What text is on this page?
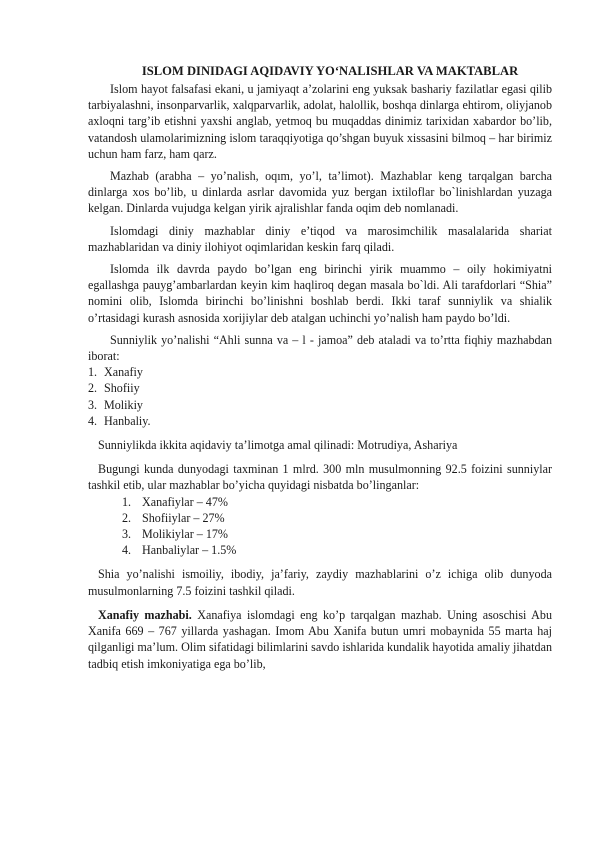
ISLOM DINIDAGI AQIDAVIY YO‘NALISHLAR VA MAKTABLAR

Islom hayot falsafasi ekani, u jamiyaqt a’zolarini eng yuksak bashariy fazilatlar egasi qilib tarbiyalashni, insonparvarlik, xalqparvarlik, adolat, halollik, boshqa dinlarga ehtirom, oliyjanob axloqni targ’ib etishni yaxshi anglab, yetmoq bu muqaddas dinimiz tarixidan xabardor bo’lib, vatandosh ulamolarimizning islom taraqqiyotiga qo’shgan buyuk xissasini bilmoq – har birimiz uchun ham farz, ham qarz.

Mazhab (arabha – yo’nalish, oqım, yo’l, ta’limot). Mazhablar keng tarqalgan barcha dinlarga xos bo’lib, u dinlarda asrlar davomida yuz bergan ixtiloflar bo`linishlardan yuzaga kelgan. Dinlarda vujudga kelgan yirik ajralishlar fanda oqim deb nomlanadi.

Islomdagi diniy mazhablar diniy e’tiqod va marosimchilik masalalarida shariat mazhablaridan va diniy ilohiyot oqimlaridan keskin farq qiladi.

Islomda ilk davrda paydo bo’lgan eng birinchi yirik muammo – oily hokimiyatni egallashga pauyg’ambarlardan keyin kim haqliroq degan masala bo`ldi. Ali tarafdorlari “Shia” nomini olib, Islomda birinchi bo’linishni boshlab berdi. Ikki taraf sunniylik va shialik o’rtasidagi kurash asnosida xorijiylar deb atalgan uchinchi yo’nalish ham paydo bo’ldi.

Sunniylik yo’nalishi “Ahli sunna va – l - jamoa” deb ataladi va to’rtta fiqhiy mazhabdan iborat:

1. Xanafiy
2. Shofiiy
3. Molikiy
4. Hanbaliy.

Sunniylikda ikkita aqidaviy ta’limotga amal qilinadi: Motrudiya, Ashariya

Bugungi kunda dunyodagi taxminan 1 mlrd. 300 mln musulmonning 92.5 foizini sunniylar tashkil etib, ular mazhablar bo’yicha quyidagi nisbatda bo’linganlar:

1. Xanafiylar – 47%
2. Shofiiylar – 27%
3. Molikiylar – 17%
4. Hanbaliylar – 1.5%

Shia yo’nalishi ismoiliy, ibodiy, ja’fariy, zaydiy mazhablarini o’z ichiga olib dunyoda musulmonlarning 7.5 foizini tashkil qiladi.

Xanafiy mazhabi. Xanafiya islomdagi eng ko’p tarqalgan mazhab. Uning asoschisi Abu Xanifa 669 – 767 yillarda yashagan. Imom Abu Xanifa butun umri mobaynida 55 marta haj qilganligi ma’lum. Olim sifatidagi bilimlarini savdo ishlarida kundalik hayotida amaliy jihatdan tadbiq etish imkoniyatiga ega bo’lib,
